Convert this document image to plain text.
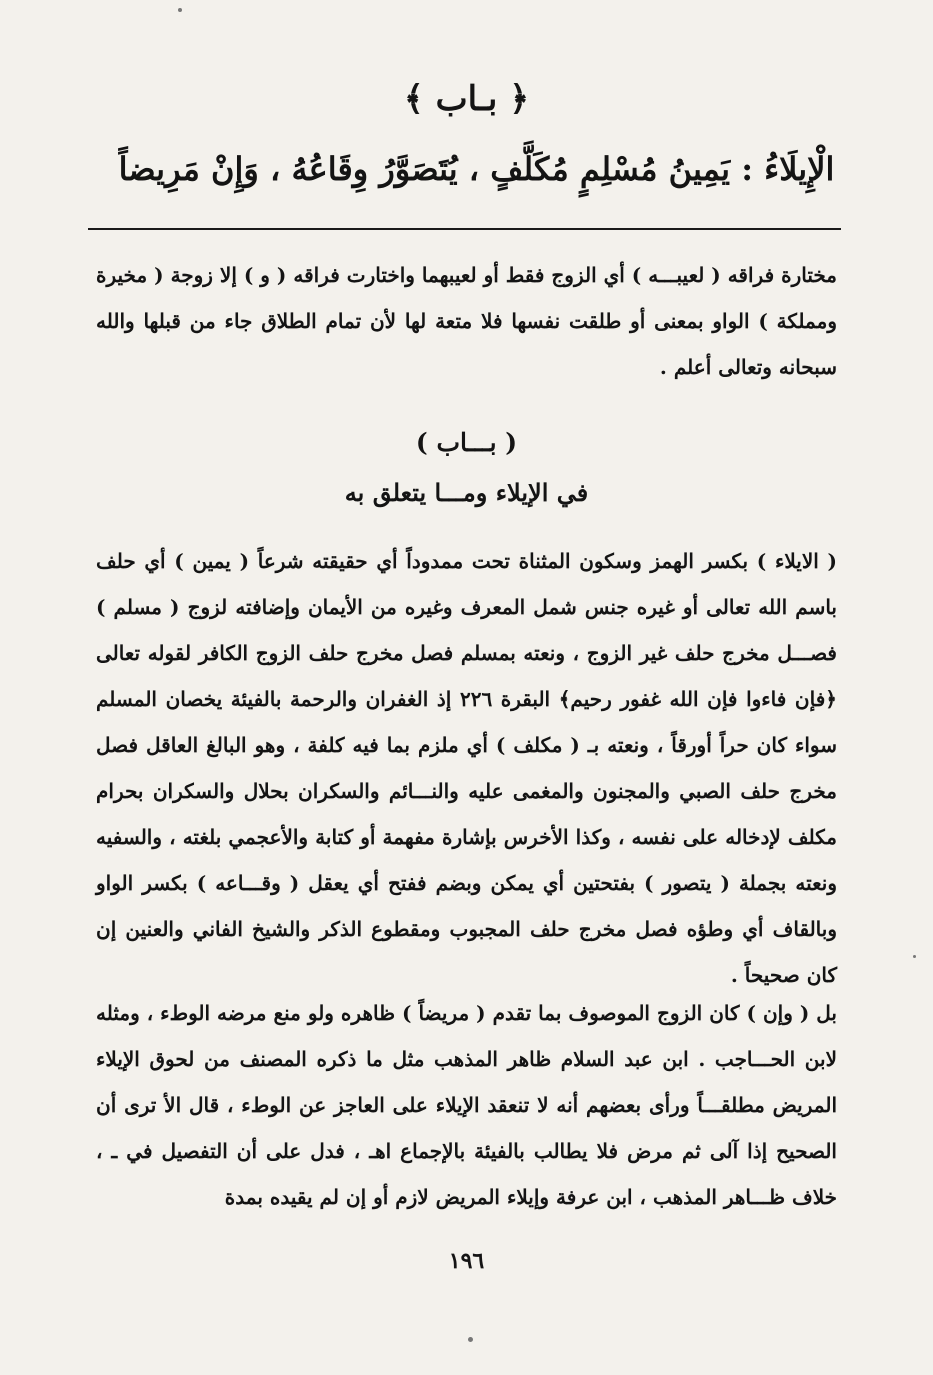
﴿ بـاب ﴾
الْإِيلَاءُ : يَمِينُ مُسْلِمٍ مُكَلَّفٍ ، يُتَصَوَّرُ وِقَاعُهُ ، وَإِنْ مَرِيضاً
مختارة فراقه ( لعيبـــه ) أي الزوج فقط أو لعيبهما واختارت فراقه ( و ) إلا زوجة ( مخيرة ومملكة ) الواو بمعنى أو طلقت نفسها فلا متعة لها لأن تمام الطلاق جاء من قبلها والله سبحانه وتعالى أعلم .
( بـــاب )
في الإيلاء ومـــا يتعلق به
( الايلاء ) بكسر الهمز وسكون المثناة تحت ممدوداً أي حقيقته شرعاً ( يمين ) أي حلف باسم الله تعالى أو غيره جنس شمل المعرف وغيره من الأيمان وإضافته لزوج ( مسلم ) فصـــل مخرج حلف غير الزوج ، ونعته بمسلم فصل مخرج حلف الزوج الكافر لقوله تعالى ﴿فإن فاءوا فإن الله غفور رحيم﴾ البقرة ٢٢٦ إذ الغفران والرحمة بالفيئة يخصان المسلم سواء كان حراً أورقاً ، ونعته بـ ( مكلف ) أي ملزم بما فيه كلفة ، وهو البالغ العاقل فصل مخرج حلف الصبي والمجنون والمغمى عليه والنـــائم والسكران بحلال والسكران بحرام مكلف لإدخاله على نفسه ، وكذا الأخرس بإشارة مفهمة أو كتابة والأعجمي بلغته ، والسفيه ونعته بجملة ( يتصور ) بفتحتين أي يمكن وبضم ففتح أي يعقل ( وقـــاعه ) بكسر الواو وبالقاف أي وطؤه فصل مخرج حلف المجبوب ومقطوع الذكر والشيخ الفاني والعنين إن كان صحيحاً .
بل ( وإن ) كان الزوج الموصوف بما تقدم ( مريضاً ) ظاهره ولو منع مرضه الوطء ، ومثله لابن الحـــاجب . ابن عبد السلام ظاهر المذهب مثل ما ذكره المصنف من لحوق الإيلاء المريض مطلقـــاً ورأى بعضهم أنه لا تنعقد الإيلاء على العاجز عن الوطء ، قال الأ ترى أن الصحيح إذا آلى ثم مرض فلا يطالب بالفيئة بالإجماع اهـ ، فدل على أن التفصيل في ـ ، خلاف ظـــاهر المذهب ، ابن عرفة وإيلاء المريض لازم أو إن لم يقيده بمدة
١٩٦
